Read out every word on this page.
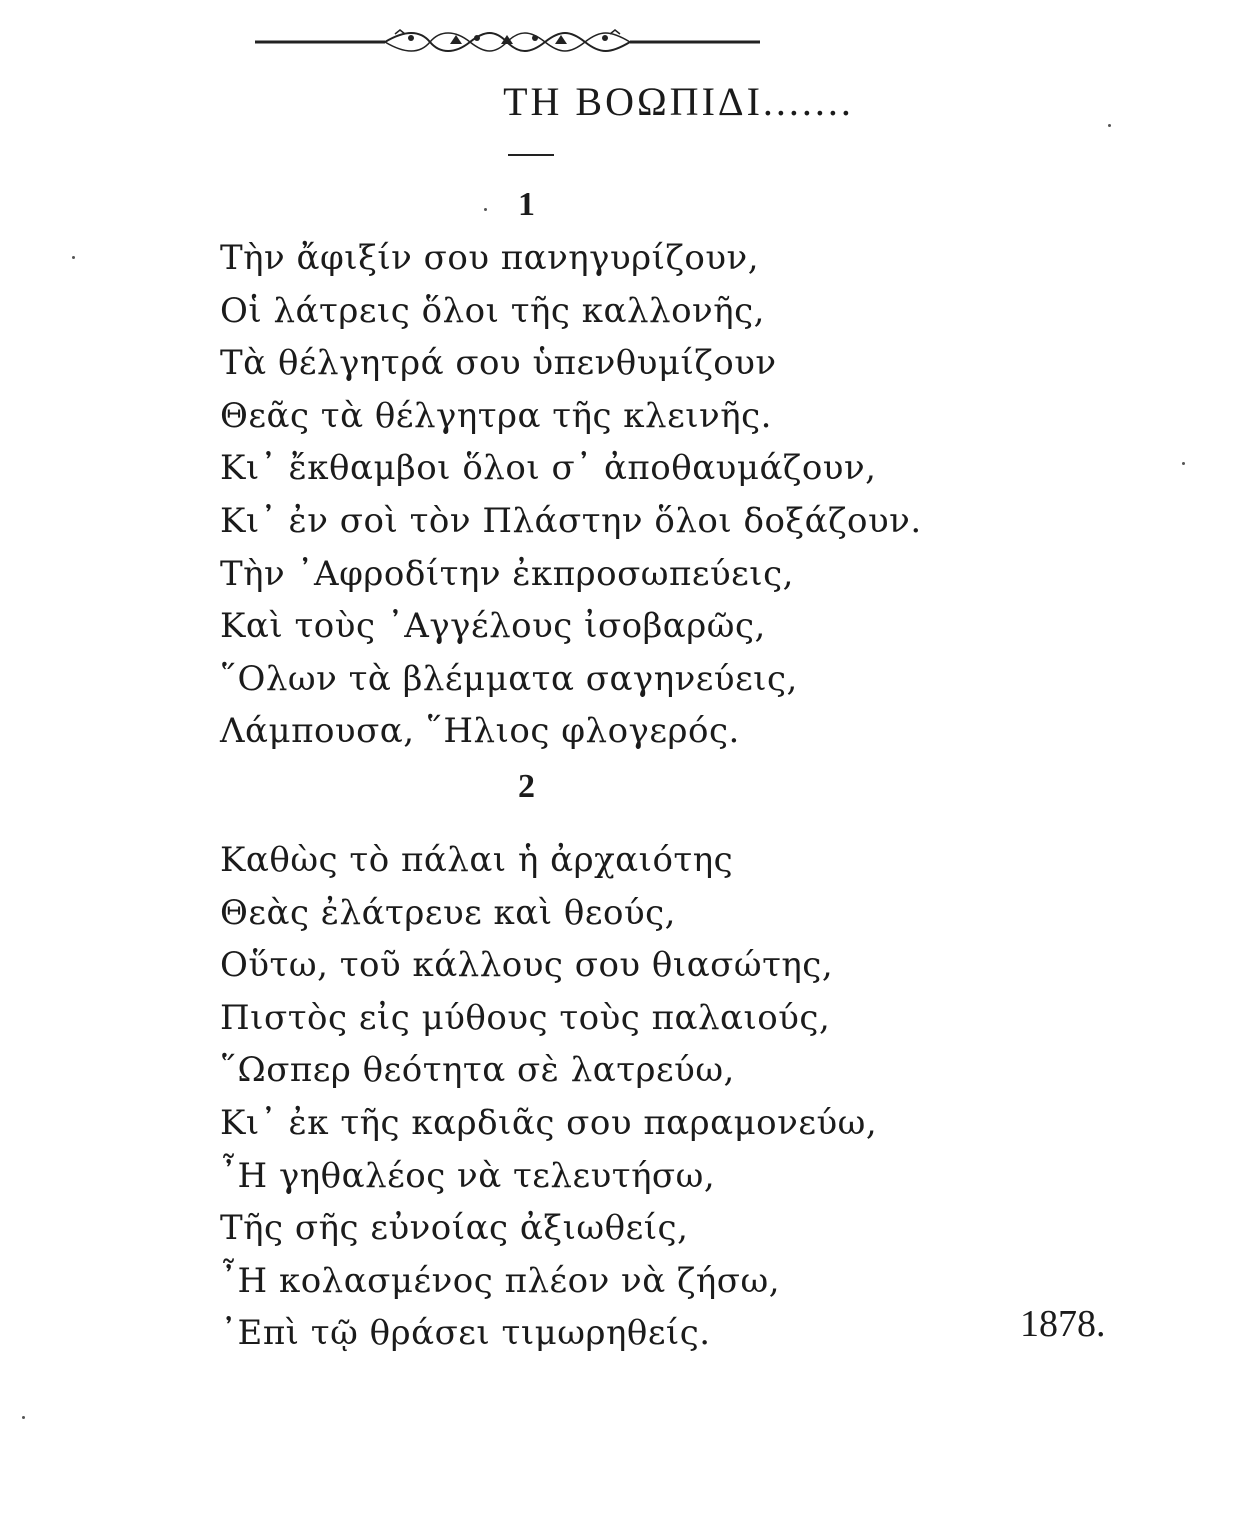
ΤΗ ΒΟΩΠΙΔΙ.......
1
Τὴν ἄφιξίν σου πανηγυρίζουν,
Οἱ λάτρεις ὅλοι τῆς καλλονῆς,
Τὰ θέλγητρά σου ὑπενθυμίζουν
Θεᾶς τὰ θέλγητρα τῆς κλεινῆς.
Κι᾿ ἔκθαμβοι ὅλοι σ᾿ ἀποθαυμάζουν,
Κι᾿ ἐν σοὶ τὸν Πλάστην ὅλοι δοξάζουν.
Τὴν ᾿Αφροδίτην ἐκπροσωπεύεις,
Καὶ τοὺς ᾿Αγγέλους ἰσοβαρῶς,
῞Ολων τὰ βλέμματα σαγηνεύεις,
Λάμπουσα, ῞Ηλιος φλογερός.
2
Καθὼς τὸ πάλαι ἡ ἀρχαιότης
Θεὰς ἐλάτρευε καὶ θεούς,
Οὕτω, τοῦ κάλλους σου θιασώτης,
Πιστὸς εἰς μύθους τοὺς παλαιούς,
῞Ωσπερ θεότητα σὲ λατρεύω,
Κι᾿ ἐκ τῆς καρδιᾶς σου παραμονεύω,
῏Η γηθαλέος νὰ τελευτήσω,
Τῆς σῆς εὐνοίας ἀξιωθείς,
῏Η κολασμένος πλέον νὰ ζήσω,
᾿Επὶ τῷ θράσει τιμωρηθείς.	1878.
